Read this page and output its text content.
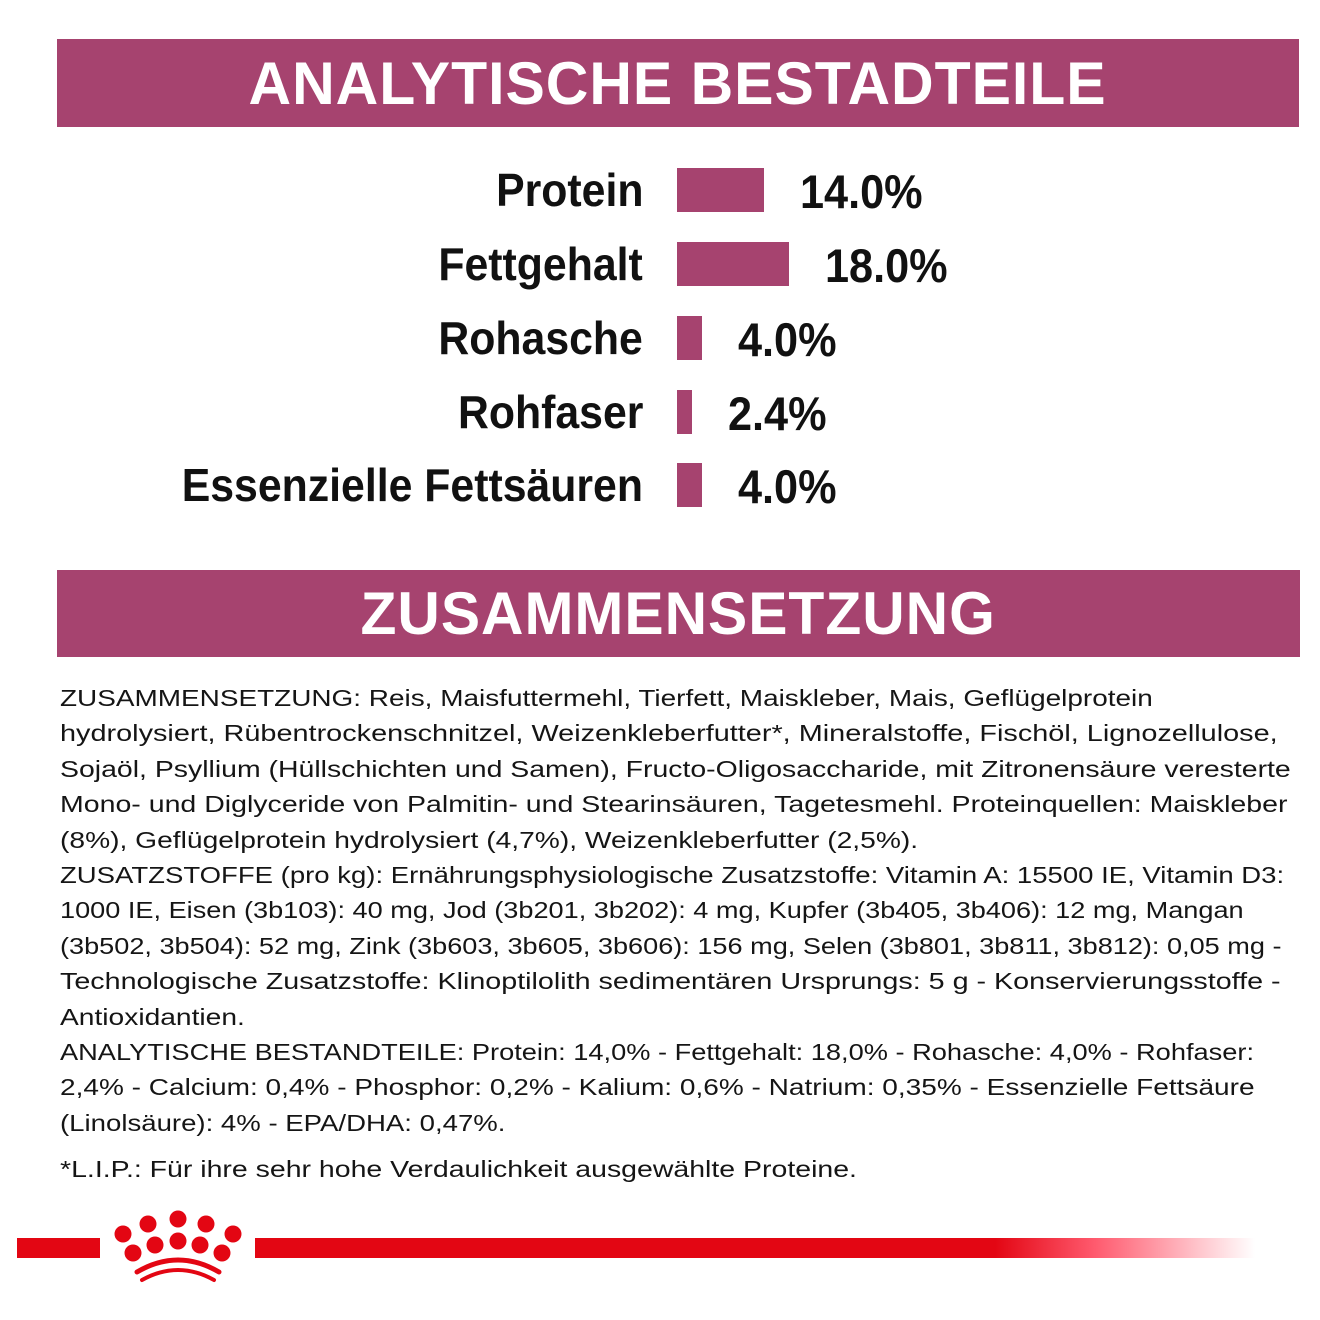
ANALYTISCHE BESTADTEILE
Protein	14.0%
Fettgehalt	18.0%
Rohasche 4.0%
Rohfaser 2.4%
Essenzielle Fettsäuren 4.0%
ZUSAMMENSETZUNG
ZUSAMMENSETZUNG: Reis, Maisfuttermehl, Tierfett, Maiskleber, Mais, Geflügelprotein
hydrolysiert, Rübentrockenschnitzel, Weizenkleberfutter*, Mineralstoffe, Fischöl, Lignozellulose,
Sojaöl, Psyllium (Hüllschichten und Samen), Fructo-Oligosaccharide, mit Zitronensäure veresterte
Mono- und Diglyceride von Palmitin- und Stearinsäuren, Tagetesmehl. Proteinquellen: Maiskleber
(8%), Geflügelprotein hydrolysiert (4,7%), Weizenkleberfutter (2,5%).
ZUSATZSTOFFE (pro kg): Ernährungsphysiologische Zusatzstoffe: Vitamin A: 15500 IE, Vitamin D3:
1000 IE, Eisen (3b103): 40 mg, Jod (3b201, 3b202): 4 mg, Kupfer (3b405, 3b406): 12 mg, Mangan
(3b502, 3b504): 52 mg, Zink (3b603, 3b605, 3b606): 156 mg, Selen (3b801, 3b811, 3b812): 0,05 mg -
Technologische Zusatzstoffe: Klinoptilolith sedimentären Ursprungs: 5 g - Konservierungsstoffe -
Antioxidantien.
ANALYTISCHE BESTANDTEILE: Protein: 14,0% - Fettgehalt: 18,0% - Rohasche: 4,0% - Rohfaser:
2,4% - Calcium: 0,4% - Phosphor: 0,2% - Kalium: 0,6% - Natrium: 0,35% - Essenzielle Fettsäure
(Linolsäure): 4% - EPA/DHA: 0,47%.
*L.I.P.: Für ihre sehr hohe Verdaulichkeit ausgewählte Proteine.
